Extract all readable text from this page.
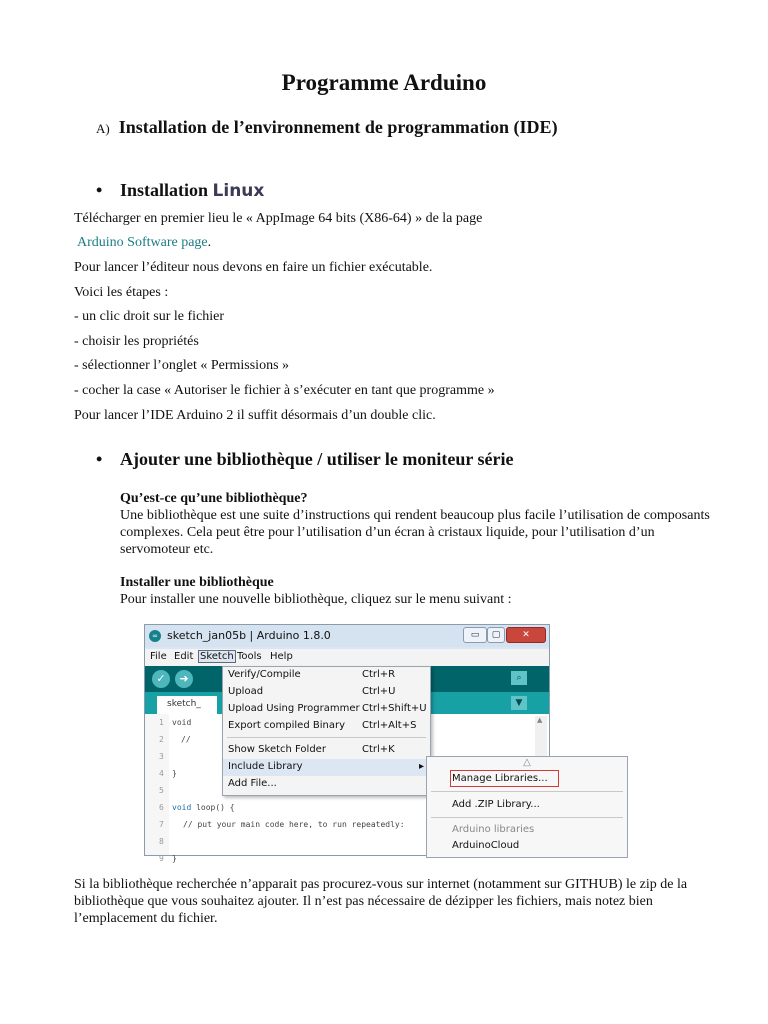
Programme Arduino
A) Installation de l’environnement de programmation (IDE)
• Installation Linux
Télécharger en premier lieu le « AppImage 64 bits (X86-64) » de la page
Arduino Software page.
Pour lancer l’éditeur nous devons en faire un fichier exécutable.
Voici les étapes :
- un clic droit sur le fichier
- choisir les propriétés
- sélectionner l’onglet « Permissions »
- cocher la case « Autoriser le fichier à s’exécuter en tant que programme »
Pour lancer l’IDE Arduino 2 il suffit désormais d’un double clic.
• Ajouter une bibliothèque / utiliser le moniteur série
Qu’est-ce qu’une bibliothèque?
Une bibliothèque est une suite d’instructions qui rendent beaucoup plus facile l’utilisation de composants complexes. Cela peut être pour l’utilisation d’un écran à cristaux liquide, pour l’utilisation d’un servomoteur etc.
Installer une bibliothèque
Pour installer une nouvelle bibliothèque, cliquez sur le menu suivant :
∞ sketch_jan05b | Arduino 1.8.0	▭	▢	✕
File Edit Sketch Tools Help
✓	➜	⌕
sketch_	▼
1
2
3
4
5
6
7
8
9
void
//
}
void loop() {
// put your main code here, to run repeatedly:
}
▲
Verify/Compile	Ctrl+R
Upload	Ctrl+U
Upload Using Programmer Ctrl+Shift+U
Export compiled Binary Ctrl+Alt+S
Show Sketch Folder	Ctrl+K
Include Library	▸
Add File...
△
Manage Libraries...
Add .ZIP Library...
Arduino libraries
ArduinoCloud
Si la bibliothèque recherchée n’apparait pas procurez-vous sur internet (notamment sur GITHUB) le zip de la bibliothèque que vous souhaitez ajouter. Il n’est pas nécessaire de dézipper les fichiers, mais notez bien l’emplacement du fichier.
